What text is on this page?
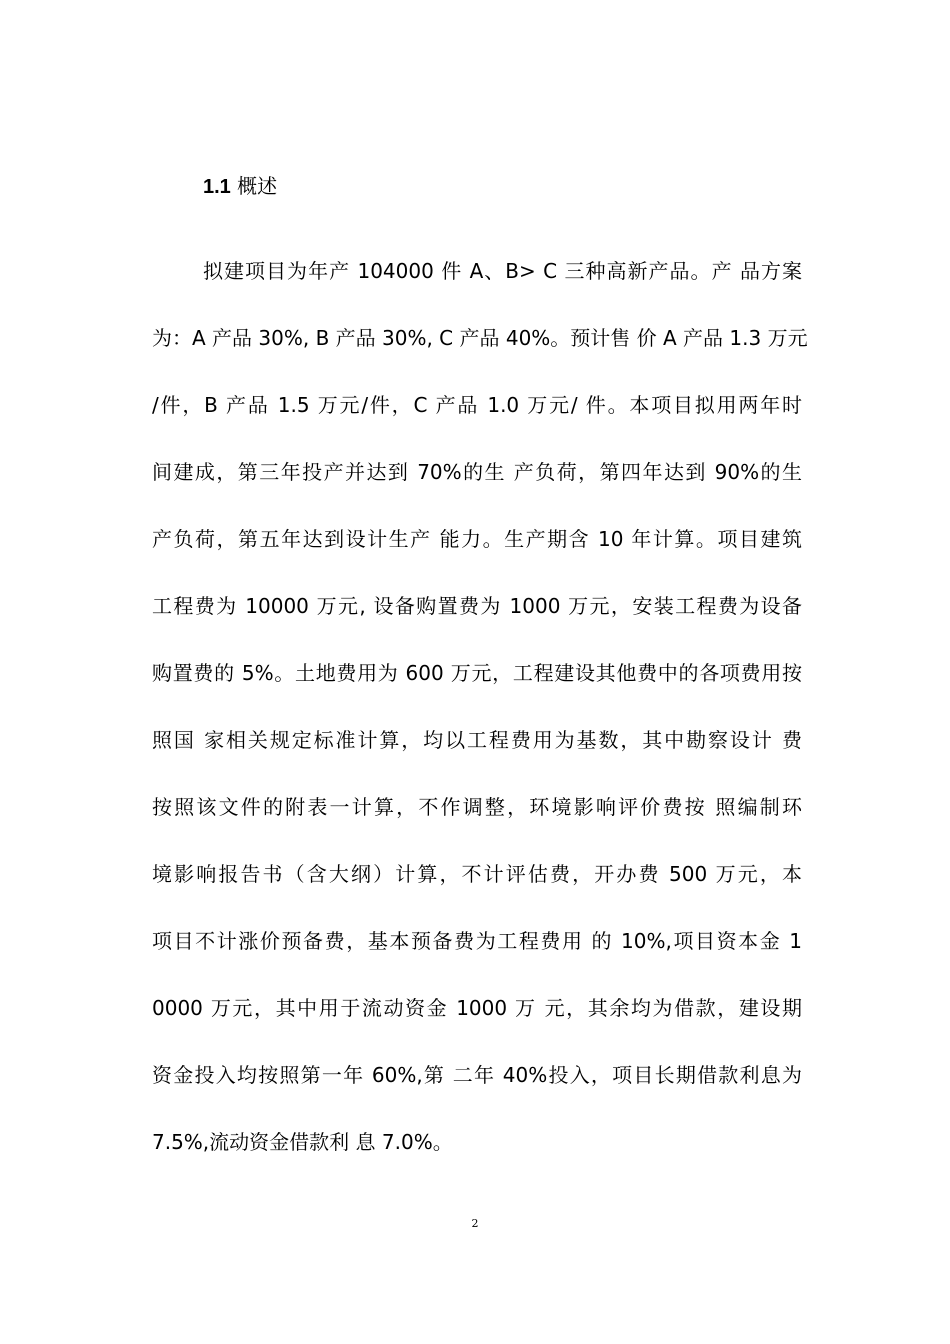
1.1 概述
拟建项目为年产 104000 件 A、B> C 三种高新产品。产 品方案
为：A 产品 30%, B 产品 30%, C 产品 40%。预计售 价 A 产品 1.3 万元
/件，B 产品 1.5 万元/件，C 产品 1.0 万元/ 件。本项目拟用两年时
间建成，第三年投产并达到 70%的生 产负荷，第四年达到 90%的生
产负荷，第五年达到设计生产 能力。生产期含 10 年计算。项目建筑
工程费为 10000 万元, 设备购置费为 1000 万元，安装工程费为设备
购置费的 5%。土地费用为 600 万元，工程建设其他费中的各项费用按
照国 家相关规定标准计算，均以工程费用为基数，其中勘察设计 费
按照该文件的附表一计算，不作调整，环境影响评价费按 照编制环
境影响报告书（含大纲）计算，不计评估费，开办费 500 万元，本
项目不计涨价预备费，基本预备费为工程费用 的 10%,项目资本金 1
0000 万元，其中用于流动资金 1000 万 元，其余均为借款，建设期
资金投入均按照第一年 60%,第 二年 40%投入，项目长期借款利息为
7.5%,流动资金借款利 息 7.0%。
2
